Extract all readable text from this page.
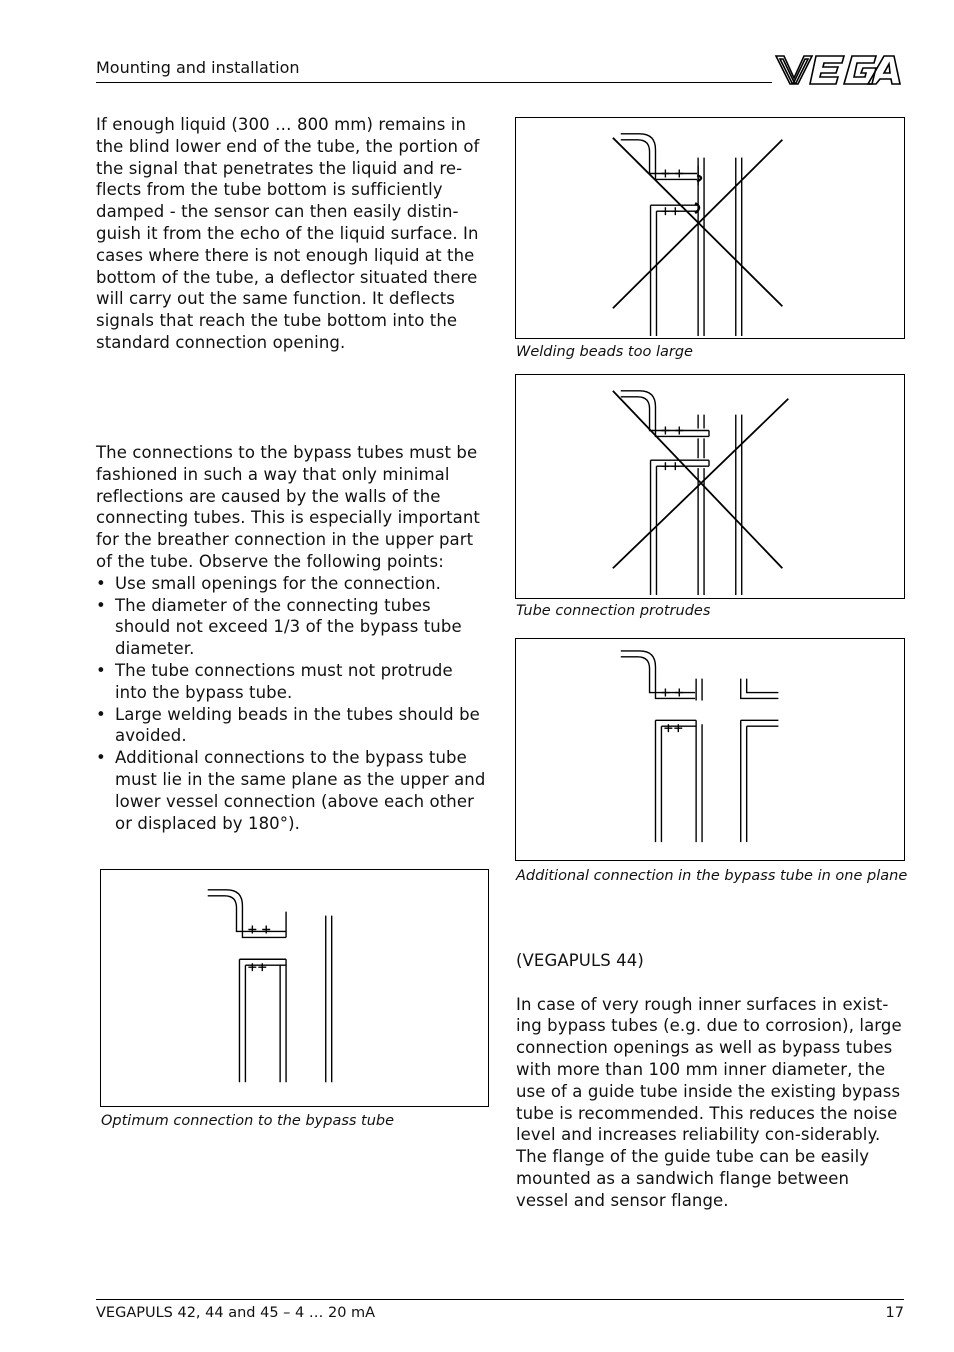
Mounting and installation

If enough liquid (300 … 800 mm) remains in the blind lower end of the tube, the portion of the signal that penetrates the liquid and re-flects from the tube bottom is sufficiently damped - the sensor can then easily distin-guish it from the echo of the liquid surface. In cases where there is not enough liquid at the bottom of the tube, a deflector situated there will carry out the same function. It deflects signals that reach the tube bottom into the standard connection opening.

The connections to the bypass tubes must be fashioned in such a way that only minimal reflections are caused by the walls of the connecting tubes. This is especially important for the breather connection in the upper part of the tube. Observe the following points:

• Use small openings for the connection.
• The diameter of the connecting tubes should not exceed 1/3 of the bypass tube diameter.
• The tube connections must not protrude into the bypass tube.
• Large welding beads in the tubes should be avoided.
• Additional connections to the bypass tube must lie in the same plane as the upper and lower vessel connection (above each other or displaced by 180°).
Welding beads too large
Tube connection protrudes
Additional connection in the bypass tube in one plane
Optimum connection to the bypass tube

(VEGAPULS 44)

In case of very rough inner surfaces in exist-ing bypass tubes (e.g. due to corrosion), large connection openings as well as bypass tubes with more than 100 mm inner diameter, the use of a guide tube inside the existing bypass tube is recommended. This reduces the noise level and increases reliability con-siderably. The flange of the guide tube can be easily mounted as a sandwich flange between vessel and sensor flange.

VEGAPULS 42, 44 and 45 – 4 … 20 mA	17
